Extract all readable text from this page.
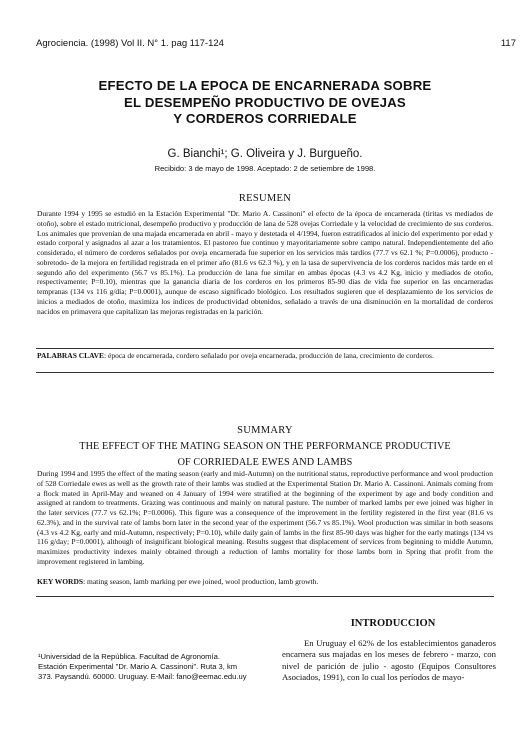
Agrociencia. (1998) Vol II. N° 1. pag 117-124	117
EFECTO DE LA EPOCA DE ENCARNERADA SOBRE
EL DESEMPEÑO PRODUCTIVO DE OVEJAS
Y CORDEROS CORRIEDALE
G. Bianchi¹; G. Oliveira y J. Burgueño.
Recibido: 3 de mayo de 1998. Aceptado: 2 de setiembre de 1998.
RESUMEN
Durante 1994 y 1995 se estudió en la Estación Experimental "Dr. Mario A. Cassinoni" el efecto de la época de encarnerada (tiritas vs mediados de otoño), sobre el estado nutricional, desempeño productivo y producción de lana de 528 ovejas Corriedale y la velocidad de crecimiento de sus corderos. Los animales que provenían de una majada encarnerada en abril - mayo y destetada el 4/1994, fueron estratificados al inicio del experimento por edad y estado corporal y asignados al azar a los tratamientos. El pastoreo fue continuo y mayoritariamente sobre campo natural. Independientemente del año considerado, el número de corderos señalados por oveja encarnerada fue superior en los servicios más tardíos (77.7 vs 62.1 %; P=0.0006), producto -sobretodo- de la mejora en fertilidad registrada en el primer año (81.6 vs 62.3 %), y en la tasa de supervivencia de los corderos nacidos más tarde en el segundo año del experimento (56.7 vs 85.1%). La producción de lana fue similar en ambas épocas (4.3 vs 4.2 Kg, inicio y mediados de otoño, respectivamente; P=0.10), mientras que la ganancia diaria de los corderos en los primeros 85-90 días de vida fue superior en las encarneradas tempranas (134 vs 116 g/día; P=0.0001), aunque de escaso significado biológico. Los resultados sugieren que el desplazamiento de los servicios de inicios a mediados de otoño, maximiza los índices de productividad obtenidos, señalado a través de una disminución en la mortalidad de corderos nacidos en primavera que capitalizan las mejoras registradas en la parición.
PALABRAS CLAVE: época de encarnerada, cordero señalado por oveja encarnerada, producción de lana, crecimiento de corderos.
SUMMARY
THE EFFECT OF THE MATING SEASON ON THE PERFORMANCE PRODUCTIVE
OF CORRIEDALE EWES AND LAMBS
During 1994 and 1995 the effect of the mating season (early and mid-Autumn) on the nutritional status, reproductive performance and wool production of 528 Corriedale ewes as well as the growth rate of their lambs was studied at the Experimental Station Dr. Mario A. Cassinoni. Animals coming from a flock mated in April-May and weaned on 4 January of 1994 were stratified at the beginning of the experiment by age and body condition and assigned at random to treatments. Grazing was continuous and mainly on natural pasture. The number of marked lambs per ewe joined was higher in the later services (77.7 vs 62.1%; P=0.0006). This figure was a consequence of the improvement in the fertility registered in the first year (81.6 vs 62.3%), and in the survival rate of lambs born later in the second year of the experiment (56.7 vs 85.1%). Wool production was similar in both seasons (4.3 vs 4.2 Kg, early and mid-Autumn, respectively; P=0.10), while daily gain of lambs in the first 85-90 days was higher for the early matings (134 vs 116 g/day; P=0.0001), although of insignificant biological meaning. Results suggest that displacement of services from beginning to middle Autumn, maximizes productivity indexes mainly obtained through a reduction of lambs mortality for those lambs born in Spring that profit from the improvement registered in lambing.
KEY WORDS: mating season, lamb marking per ewe joined, wool production, lamb growth.
INTRODUCCION
En Uruguay el 62% de los establecimientos ganaderos encarnera sus majadas en los meses de febrero - marzo, con nivel de parición de julio - agosto (Equipos Consultores Asociados, 1991), con lo cual los períodos de mayo-
¹Universidad de la República. Facultad de Agronomía.
Estación Experimental "Dr. Mario A. Cassinoni". Ruta 3, km
373. Paysandú. 60000. Uruguay. E-Mail: fano@eemac.edu.uy
